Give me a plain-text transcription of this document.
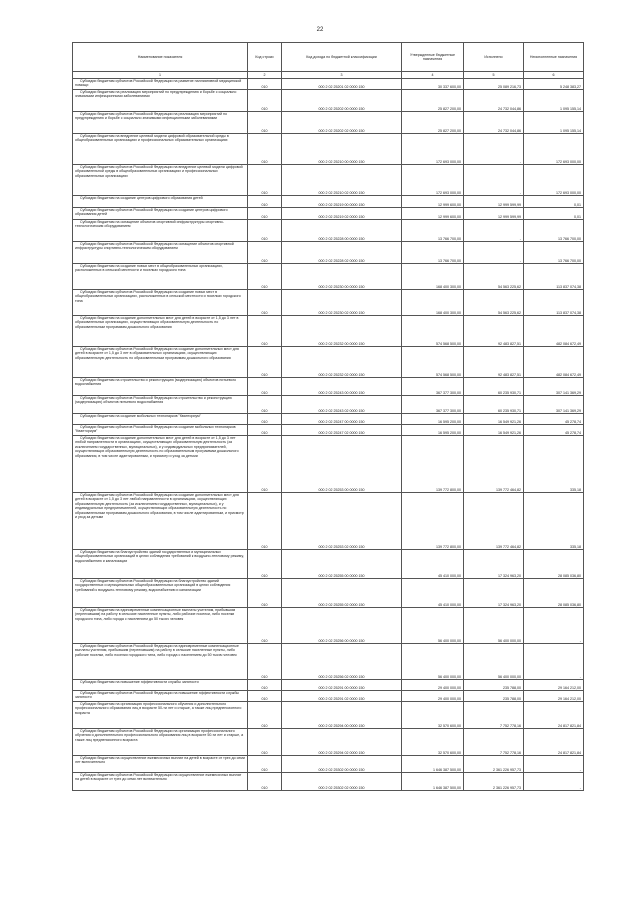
22
Наименование показателя	Код строки	Код дохода по бюджетной классификации	Утвержденные бюджетные назначения	Исполнено	Неисполненные назначения
1	2	3	4	5	6
Субсидии бюджетам субъектов Российской Федерации на развитие паллиативной медицинской помощи	010	000 2 02 25201 02 0000 150	30 337 600,00	25 089 216,73	5 248 383,27
Субсидии бюджетам на реализацию мероприятий по предупреждению и борьбе с социально значимыми инфекционными заболеваниями	010	000 2 02 25202 00 0000 150	25 827 200,00	24 732 044,86	1 095 155,14
Субсидии бюджетам субъектов Российской Федерации на реализацию мероприятий по предупреждению и борьбе с социально значимыми инфекционными заболеваниями	010	000 2 02 25202 02 0000 150	25 827 200,00	24 732 044,86	1 095 155,14
Субсидии бюджетам на внедрение целевой модели цифровой образовательной среды в общеобразовательных организациях и профессиональных образовательных организациях	010	000 2 02 25210 00 0000 150	172 693 000,00	-	172 693 000,00
Субсидии бюджетам субъектов Российской Федерации на внедрение целевой модели цифровой образовательной среды в общеобразовательных организациях и профессиональных образовательных организациях	010	000 2 02 25210 02 0000 150	172 693 000,00	-	172 693 000,00
Субсидии бюджетам на создание центров цифрового образования детей	010	000 2 02 25219 00 0000 150	12 999 600,00	12 999 599,99	0,01
Субсидии бюджетам субъектов Российской Федерации на создание центров цифрового образования детей	010	000 2 02 25219 02 0000 150	12 999 600,00	12 999 599,99	0,01
Субсидии бюджетам на оснащение объектов спортивной инфраструктуры спортивно-технологическим оборудованием	010	000 2 02 25228 00 0000 150	13 766 700,00	-	13 766 700,00
Субсидии бюджетам субъектов Российской Федерации на оснащение объектов спортивной инфраструктуры спортивно-технологическим оборудованием	010	000 2 02 25228 02 0000 150	13 766 700,00	-	13 766 700,00
Субсидии бюджетам на создание новых мест в общеобразовательных организациях, расположенных в сельской местности и поселках городского типа	010	000 2 02 25230 00 0000 150	168 400 300,00	54 563 225,62	113 837 074,38
Субсидии бюджетам субъектов Российской Федерации на создание новых мест в общеобразовательных организациях, расположенных в сельской местности и поселках городского типа	010	000 2 02 25230 02 0000 150	168 400 300,00	54 563 225,62	113 837 074,38
Субсидии бюджетам на создание дополнительных мест для детей в возрасте от 1,5 до 3 лет в образовательных организациях, осуществляющих образовательную деятельность по образовательным программам дошкольного образования	010	000 2 02 25232 00 0000 150	574 568 500,00	92 483 827,51	482 084 672,49
Субсидии бюджетам субъектов Российской Федерации на создание дополнительных мест для детей в возрасте от 1,5 до 3 лет в образовательных организациях, осуществляющих образовательную деятельность по образовательным программам дошкольного образования	010	000 2 02 25232 02 0000 150	574 568 500,00	92 483 827,51	482 084 672,49
Субсидии бюджетам на строительство и реконструкцию (модернизацию) объектов питьевого водоснабжения	010	000 2 02 25243 00 0000 150	367 377 300,00	60 235 930,71	307 141 369,29
Субсидии бюджетам субъектов Российской Федерации на строительство и реконструкцию (модернизацию) объектов питьевого водоснабжения	010	000 2 02 25243 02 0000 150	367 377 300,00	60 235 930,71	307 141 369,29
Субсидии бюджетам на создание мобильных технопарков "Кванториум"	010	000 2 02 25247 00 0000 150	16 595 200,00	16 549 921,26	45 278,74
Субсидии бюджетам субъектов Российской Федерации на создание мобильных технопарков "Кванториум"	010	000 2 02 25247 02 0000 150	16 595 200,00	16 549 921,26	45 278,74
Субсидии бюджетам на создание дополнительных мест для детей в возрасте от 1,5 до 3 лет любой направленности в организациях, осуществляющих образовательную деятельность (за исключением государственных, муниципальных), и у индивидуальных предпринимателей, осуществляющих образовательную деятельность по образовательным программам дошкольного образования, в том числе адаптированным, и присмотр и уход за детьми	010	000 2 02 25253 00 0000 150	139 772 800,00	139 772 464,82	335,18
Субсидии бюджетам субъектов Российской Федерации на создание дополнительных мест для детей в возрасте от 1,5 до 3 лет любой направленности в организациях, осуществляющих образовательную деятельность (за исключением государственных, муниципальных), и у индивидуальных предпринимателей, осуществляющих образовательную деятельность по образовательным программам дошкольного образования, в том числе адаптированным, и присмотр и уход за детьми	010	000 2 02 25253 02 0000 150	139 772 800,00	139 772 464,82	335,18
Субсидии бюджетам на благоустройство зданий государственных и муниципальных общеобразовательных организаций в целях соблюдения требований к воздушно-тепловому режиму, водоснабжению и канализации	010	000 2 02 25255 00 0000 150	45 410 000,00	17 324 963,20	28 085 036,80
Субсидии бюджетам субъектов Российской Федерации на благоустройство зданий государственных и муниципальных общеобразовательных организаций в целях соблюдения требований к воздушно-тепловому режиму, водоснабжению и канализации	010	000 2 02 25255 02 0000 150	45 410 000,00	17 324 963,20	28 085 036,80
Субсидии бюджетам на единовременные компенсационные выплаты учителям, прибывшим (переехавшим) на работу в сельские населенные пункты, либо рабочие поселки, либо поселки городского типа, либо города с населением до 50 тысяч человек	010	000 2 02 25256 00 0000 150	56 400 000,00	56 400 000,00	-
Субсидии бюджетам субъектов Российской Федерации на единовременные компенсационные выплаты учителям, прибывшим (переехавшим) на работу в сельские населенные пункты, либо рабочие поселки, либо поселки городского типа, либо города с населением до 50 тысяч человек	010	000 2 02 25256 02 0000 150	56 400 000,00	56 400 000,00	-
Субсидии бюджетам на повышение эффективности службы занятости	010	000 2 02 25291 00 0000 150	29 400 000,00	235 788,00	29 164 212,00
Субсидии бюджетам субъектов Российской Федерации на повышение эффективности службы занятости	010	000 2 02 25291 02 0000 150	29 400 000,00	235 788,00	29 164 212,00
Субсидии бюджетам на организацию профессионального обучения и дополнительного профессионального образования лиц в возрасте 50-ти лет и старше, а также лиц предпенсионного возраста	010	000 2 02 25294 00 0000 150	32 570 600,00	7 752 778,16	24 817 821,84
Субсидии бюджетам субъектов Российской Федерации на организацию профессионального обучения и дополнительного профессионального образования лиц в возрасте 50-ти лет и старше, а также лиц предпенсионного возраста	010	000 2 02 25294 02 0000 150	32 570 600,00	7 752 778,16	24 817 821,84
Субсидии бюджетам на осуществление ежемесячных выплат на детей в возрасте от трех до семи лет включительно	010	000 2 02 25302 00 0000 150	1 646 387 500,00	2 361 226 957,73	-
Субсидии бюджетам субъектов Российской Федерации на осуществление ежемесячных выплат на детей в возрасте от трех до семи лет включительно	010	000 2 02 25302 02 0000 150	1 646 387 500,00	2 361 226 957,73	-
